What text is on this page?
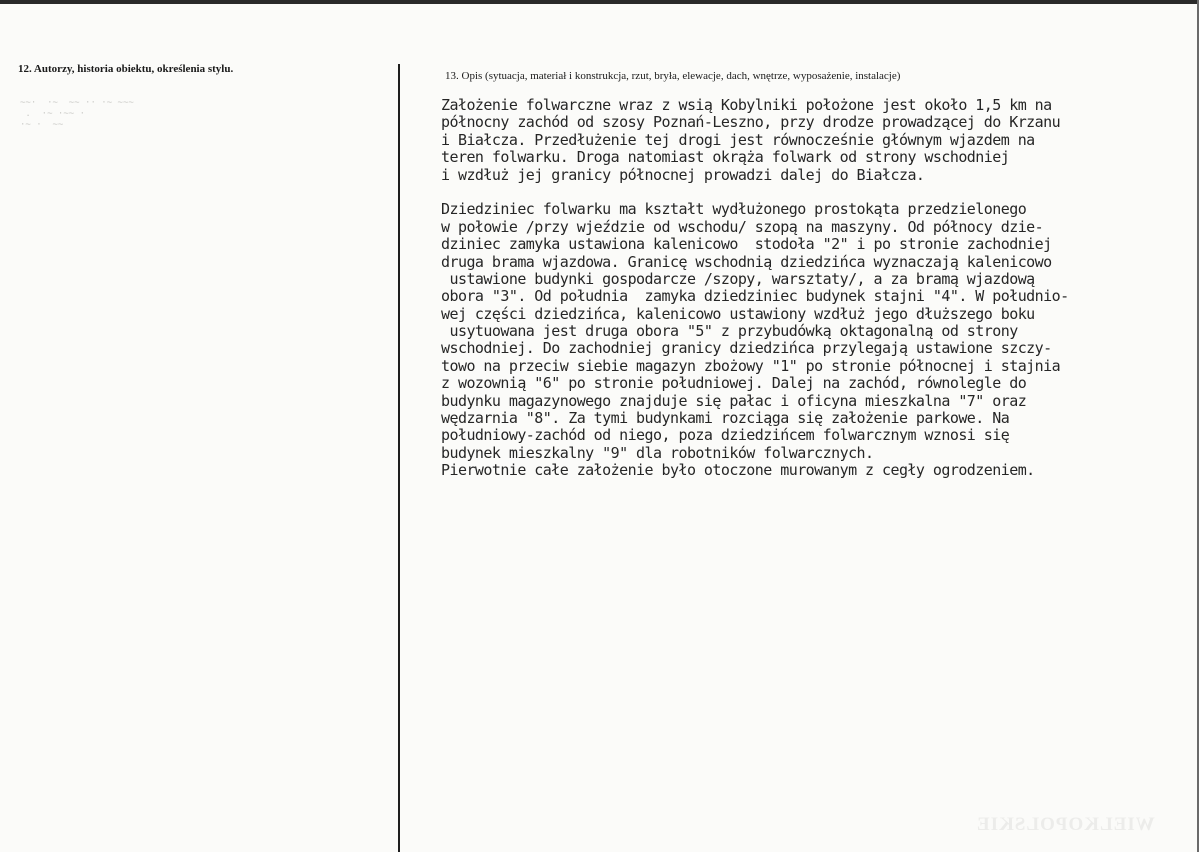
12. Autorzy, historia obiektu, określenia stylu.
~~·  ·~  ~~ ·· ·~ ~~~
.  ·~ ·~~ ·
·~ ·  ~~
13. Opis (sytuacja, materiał i konstrukcja, rzut, bryła, elewacje, dach, wnętrze, wyposażenie, instalacje)
Założenie folwarczne wraz z wsią Kobylniki położone jest około 1,5 km na
północny zachód od szosy Poznań-Leszno, przy drodze prowadzącej do Krzanu
i Białcza. Przedłużenie tej drogi jest równocześnie głównym wjazdem na
teren folwarku. Droga natomiast okrąża folwark od strony wschodniej
i wzdłuż jej granicy północnej prowadzi dalej do Białcza.
Dziedziniec folwarku ma kształt wydłużonego prostokąta przedzielonego
w połowie /przy wjeździe od wschodu/ szopą na maszyny. Od północy dzie-
dziniec zamyka ustawiona kalenicowo  stodoła "2" i po stronie zachodniej
druga brama wjazdowa. Granicę wschodnią dziedzińca wyznaczają kalenicowo
ustawione budynki gospodarcze /szopy, warsztaty/, a za bramą wjazdową
obora "3". Od południa  zamyka dziedziniec budynek stajni "4". W południo-
wej części dziedzińca, kalenicowo ustawiony wzdłuż jego dłuższego boku
usytuowana jest druga obora "5" z przybudówką oktagonalną od strony
wschodniej. Do zachodniej granicy dziedzińca przylegają ustawione szczy-
towo na przeciw siebie magazyn zbożowy "1" po stronie północnej i stajnia
z wozownią "6" po stronie południowej. Dalej na zachód, równolegle do
budynku magazynowego znajduje się pałac i oficyna mieszkalna "7" oraz
wędzarnia "8". Za tymi budynkami rozciąga się założenie parkowe. Na
południowy-zachód od niego, poza dziedzińcem folwarcznym wznosi się
budynek mieszkalny "9" dla robotników folwarcznych.
Pierwotnie całe założenie było otoczone murowanym z cegły ogrodzeniem.
WIELKOPOLSKIE
